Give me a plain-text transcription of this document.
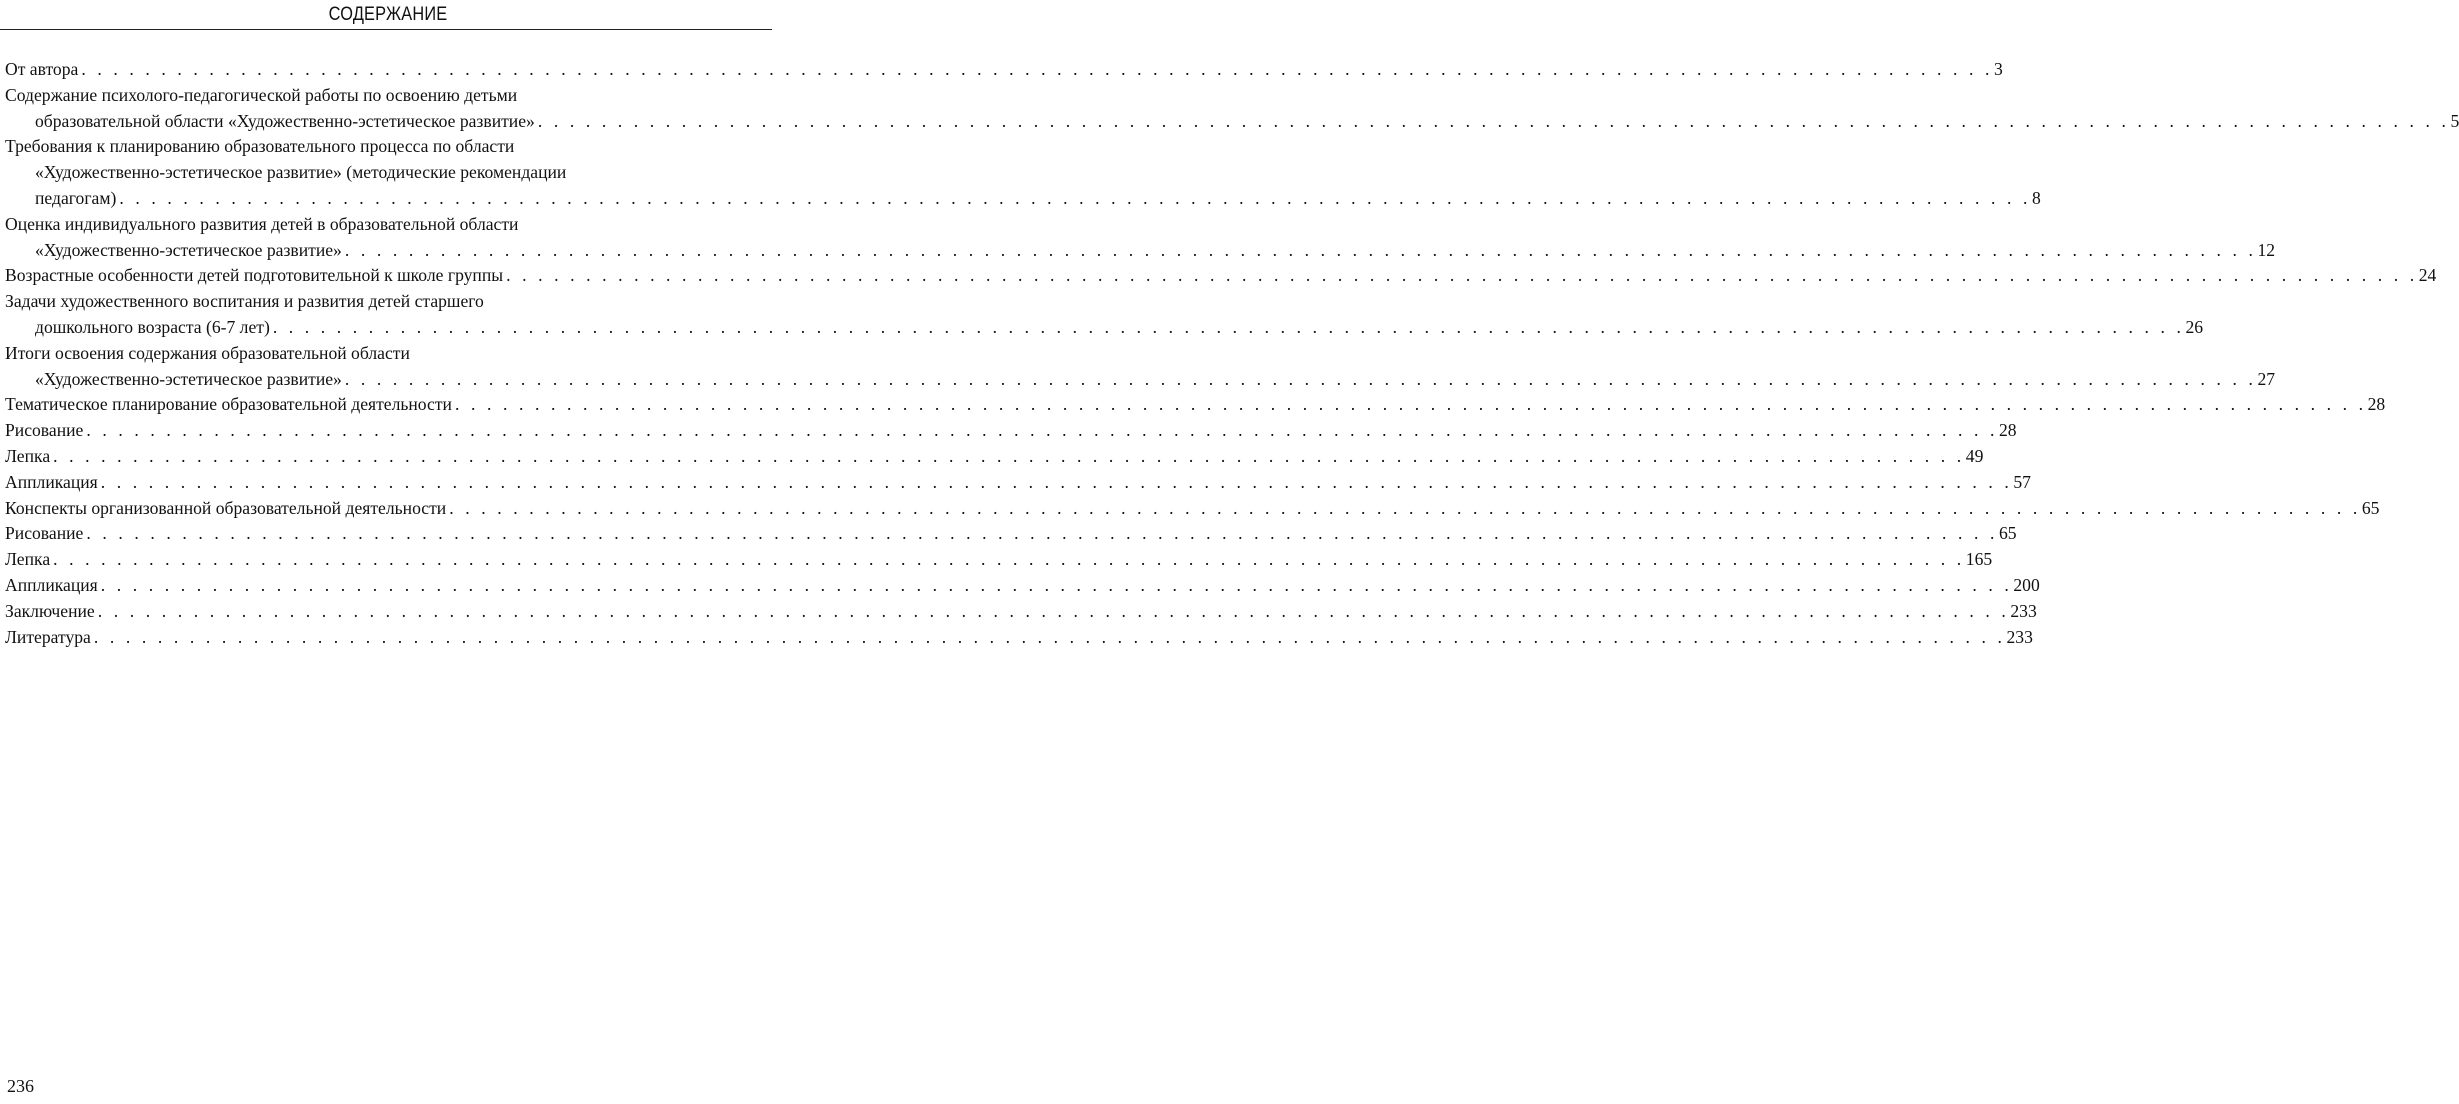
СОДЕРЖАНИЕ
От автора . . . . . . . . . . . . . . . . . . . . . . . . . . . . . . . . . . . . . . . . . . . . . . . . . . . . . . . . . . . . . . . . . . . . . . . . . . . . . . . . . . . . . . . . . . . . . . . . . . . . . . . . . . . . . . . . . . . . . . . . 3
Содержание психолого-педагогической работы по освоению детьми
образовательной области «Художественно-эстетическое развитие» . . . . . . . . . . . . . . . . . . . . . . . . . . . . . . . . . . . . . . . . . . . . . . . . . . . . . . . . . . . . . . . . . . . . . . . . . . . . . . . . . . . . . . . . . . . . . . . . . . . . . . . . . . . . . . . . . . . . . . . . 5
Требования к планированию образовательного процесса по области
«Художественно-эстетическое развитие» (методические рекомендации
педагогам) . . . . . . . . . . . . . . . . . . . . . . . . . . . . . . . . . . . . . . . . . . . . . . . . . . . . . . . . . . . . . . . . . . . . . . . . . . . . . . . . . . . . . . . . . . . . . . . . . . . . . . . . . . . . . . . . . . . . . . . . 8
Оценка индивидуального развития детей в образовательной области
«Художественно-эстетическое развитие» . . . . . . . . . . . . . . . . . . . . . . . . . . . . . . . . . . . . . . . . . . . . . . . . . . . . . . . . . . . . . . . . . . . . . . . . . . . . . . . . . . . . . . . . . . . . . . . . . . . . . . . . . . . . . . . . . . . . . . . . 12
Возрастные особенности детей подготовительной к школе группы . . . . . . . . . . . . . . . . . . . . . . . . . . . . . . . . . . . . . . . . . . . . . . . . . . . . . . . . . . . . . . . . . . . . . . . . . . . . . . . . . . . . . . . . . . . . . . . . . . . . . . . . . . . . . . . . . . . . . . . . 24
Задачи художественного воспитания и развития детей старшего
дошкольного возраста (6-7 лет) . . . . . . . . . . . . . . . . . . . . . . . . . . . . . . . . . . . . . . . . . . . . . . . . . . . . . . . . . . . . . . . . . . . . . . . . . . . . . . . . . . . . . . . . . . . . . . . . . . . . . . . . . . . . . . . . . . . . . . . . 26
Итоги освоения содержания образовательной области
«Художественно-эстетическое развитие» . . . . . . . . . . . . . . . . . . . . . . . . . . . . . . . . . . . . . . . . . . . . . . . . . . . . . . . . . . . . . . . . . . . . . . . . . . . . . . . . . . . . . . . . . . . . . . . . . . . . . . . . . . . . . . . . . . . . . . . . 27
Тематическое планирование образовательной деятельности . . . . . . . . . . . . . . . . . . . . . . . . . . . . . . . . . . . . . . . . . . . . . . . . . . . . . . . . . . . . . . . . . . . . . . . . . . . . . . . . . . . . . . . . . . . . . . . . . . . . . . . . . . . . . . . . . . . . . . . . 28
Рисование . . . . . . . . . . . . . . . . . . . . . . . . . . . . . . . . . . . . . . . . . . . . . . . . . . . . . . . . . . . . . . . . . . . . . . . . . . . . . . . . . . . . . . . . . . . . . . . . . . . . . . . . . . . . . . . . . . . . . . . . 28
Лепка . . . . . . . . . . . . . . . . . . . . . . . . . . . . . . . . . . . . . . . . . . . . . . . . . . . . . . . . . . . . . . . . . . . . . . . . . . . . . . . . . . . . . . . . . . . . . . . . . . . . . . . . . . . . . . . . . . . . . . . . 49
Аппликация . . . . . . . . . . . . . . . . . . . . . . . . . . . . . . . . . . . . . . . . . . . . . . . . . . . . . . . . . . . . . . . . . . . . . . . . . . . . . . . . . . . . . . . . . . . . . . . . . . . . . . . . . . . . . . . . . . . . . . . . 57
Конспекты организованной образовательной деятельности . . . . . . . . . . . . . . . . . . . . . . . . . . . . . . . . . . . . . . . . . . . . . . . . . . . . . . . . . . . . . . . . . . . . . . . . . . . . . . . . . . . . . . . . . . . . . . . . . . . . . . . . . . . . . . . . . . . . . . . . 65
Рисование . . . . . . . . . . . . . . . . . . . . . . . . . . . . . . . . . . . . . . . . . . . . . . . . . . . . . . . . . . . . . . . . . . . . . . . . . . . . . . . . . . . . . . . . . . . . . . . . . . . . . . . . . . . . . . . . . . . . . . . . 65
Лепка . . . . . . . . . . . . . . . . . . . . . . . . . . . . . . . . . . . . . . . . . . . . . . . . . . . . . . . . . . . . . . . . . . . . . . . . . . . . . . . . . . . . . . . . . . . . . . . . . . . . . . . . . . . . . . . . . . . . . . . . 165
Аппликация . . . . . . . . . . . . . . . . . . . . . . . . . . . . . . . . . . . . . . . . . . . . . . . . . . . . . . . . . . . . . . . . . . . . . . . . . . . . . . . . . . . . . . . . . . . . . . . . . . . . . . . . . . . . . . . . . . . . . . . . 200
Заключение . . . . . . . . . . . . . . . . . . . . . . . . . . . . . . . . . . . . . . . . . . . . . . . . . . . . . . . . . . . . . . . . . . . . . . . . . . . . . . . . . . . . . . . . . . . . . . . . . . . . . . . . . . . . . . . . . . . . . . . . 233
Литература . . . . . . . . . . . . . . . . . . . . . . . . . . . . . . . . . . . . . . . . . . . . . . . . . . . . . . . . . . . . . . . . . . . . . . . . . . . . . . . . . . . . . . . . . . . . . . . . . . . . . . . . . . . . . . . . . . . . . . . . 233
236
